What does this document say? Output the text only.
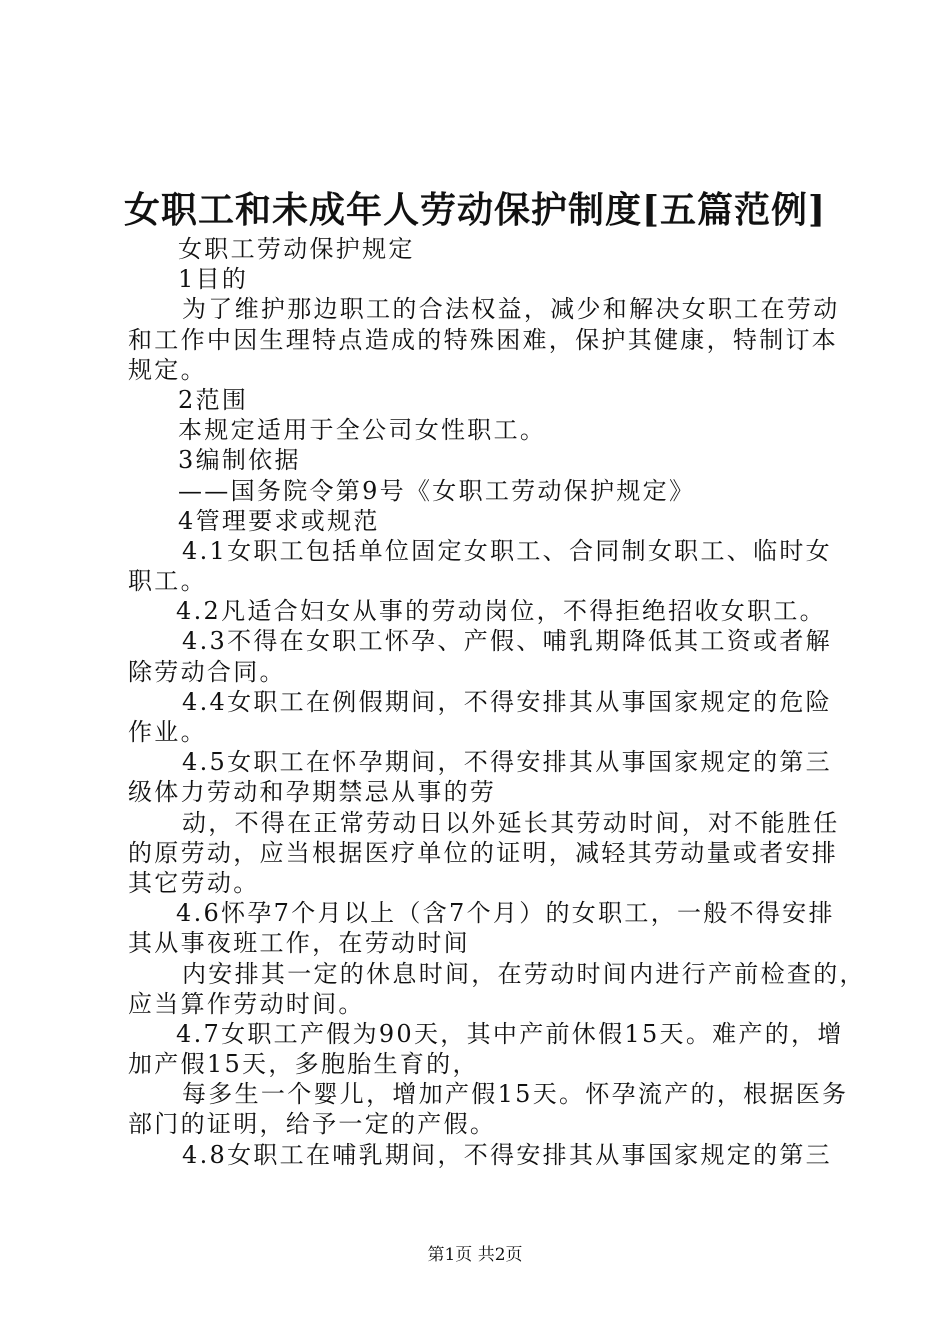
女职工和未成年人劳动保护制度[五篇范例]
女职工劳动保护规定
1目的
为了维护那边职工的合法权益，减少和解决女职工在劳动
和工作中因生理特点造成的特殊困难，保护其健康，特制订本
规定。
2范围
本规定适用于全公司女性职工。
3编制依据
——国务院令第9号《女职工劳动保护规定》
4管理要求或规范
4.1女职工包括单位固定女职工、合同制女职工、临时女
职工。
4.2凡适合妇女从事的劳动岗位，不得拒绝招收女职工。
4.3不得在女职工怀孕、产假、哺乳期降低其工资或者解
除劳动合同。
4.4女职工在例假期间，不得安排其从事国家规定的危险
作业。
4.5女职工在怀孕期间，不得安排其从事国家规定的第三
级体力劳动和孕期禁忌从事的劳
动，不得在正常劳动日以外延长其劳动时间，对不能胜任
的原劳动，应当根据医疗单位的证明，减轻其劳动量或者安排
其它劳动。
4.6怀孕7个月以上（含7个月）的女职工，一般不得安排
其从事夜班工作，在劳动时间
内安排其一定的休息时间，在劳动时间内进行产前检查的，
应当算作劳动时间。
4.7女职工产假为90天，其中产前休假15天。难产的，增
加产假15天，多胞胎生育的，
每多生一个婴儿，增加产假15天。怀孕流产的，根据医务
部门的证明，给予一定的产假。
4.8女职工在哺乳期间，不得安排其从事国家规定的第三
第1页 共2页
